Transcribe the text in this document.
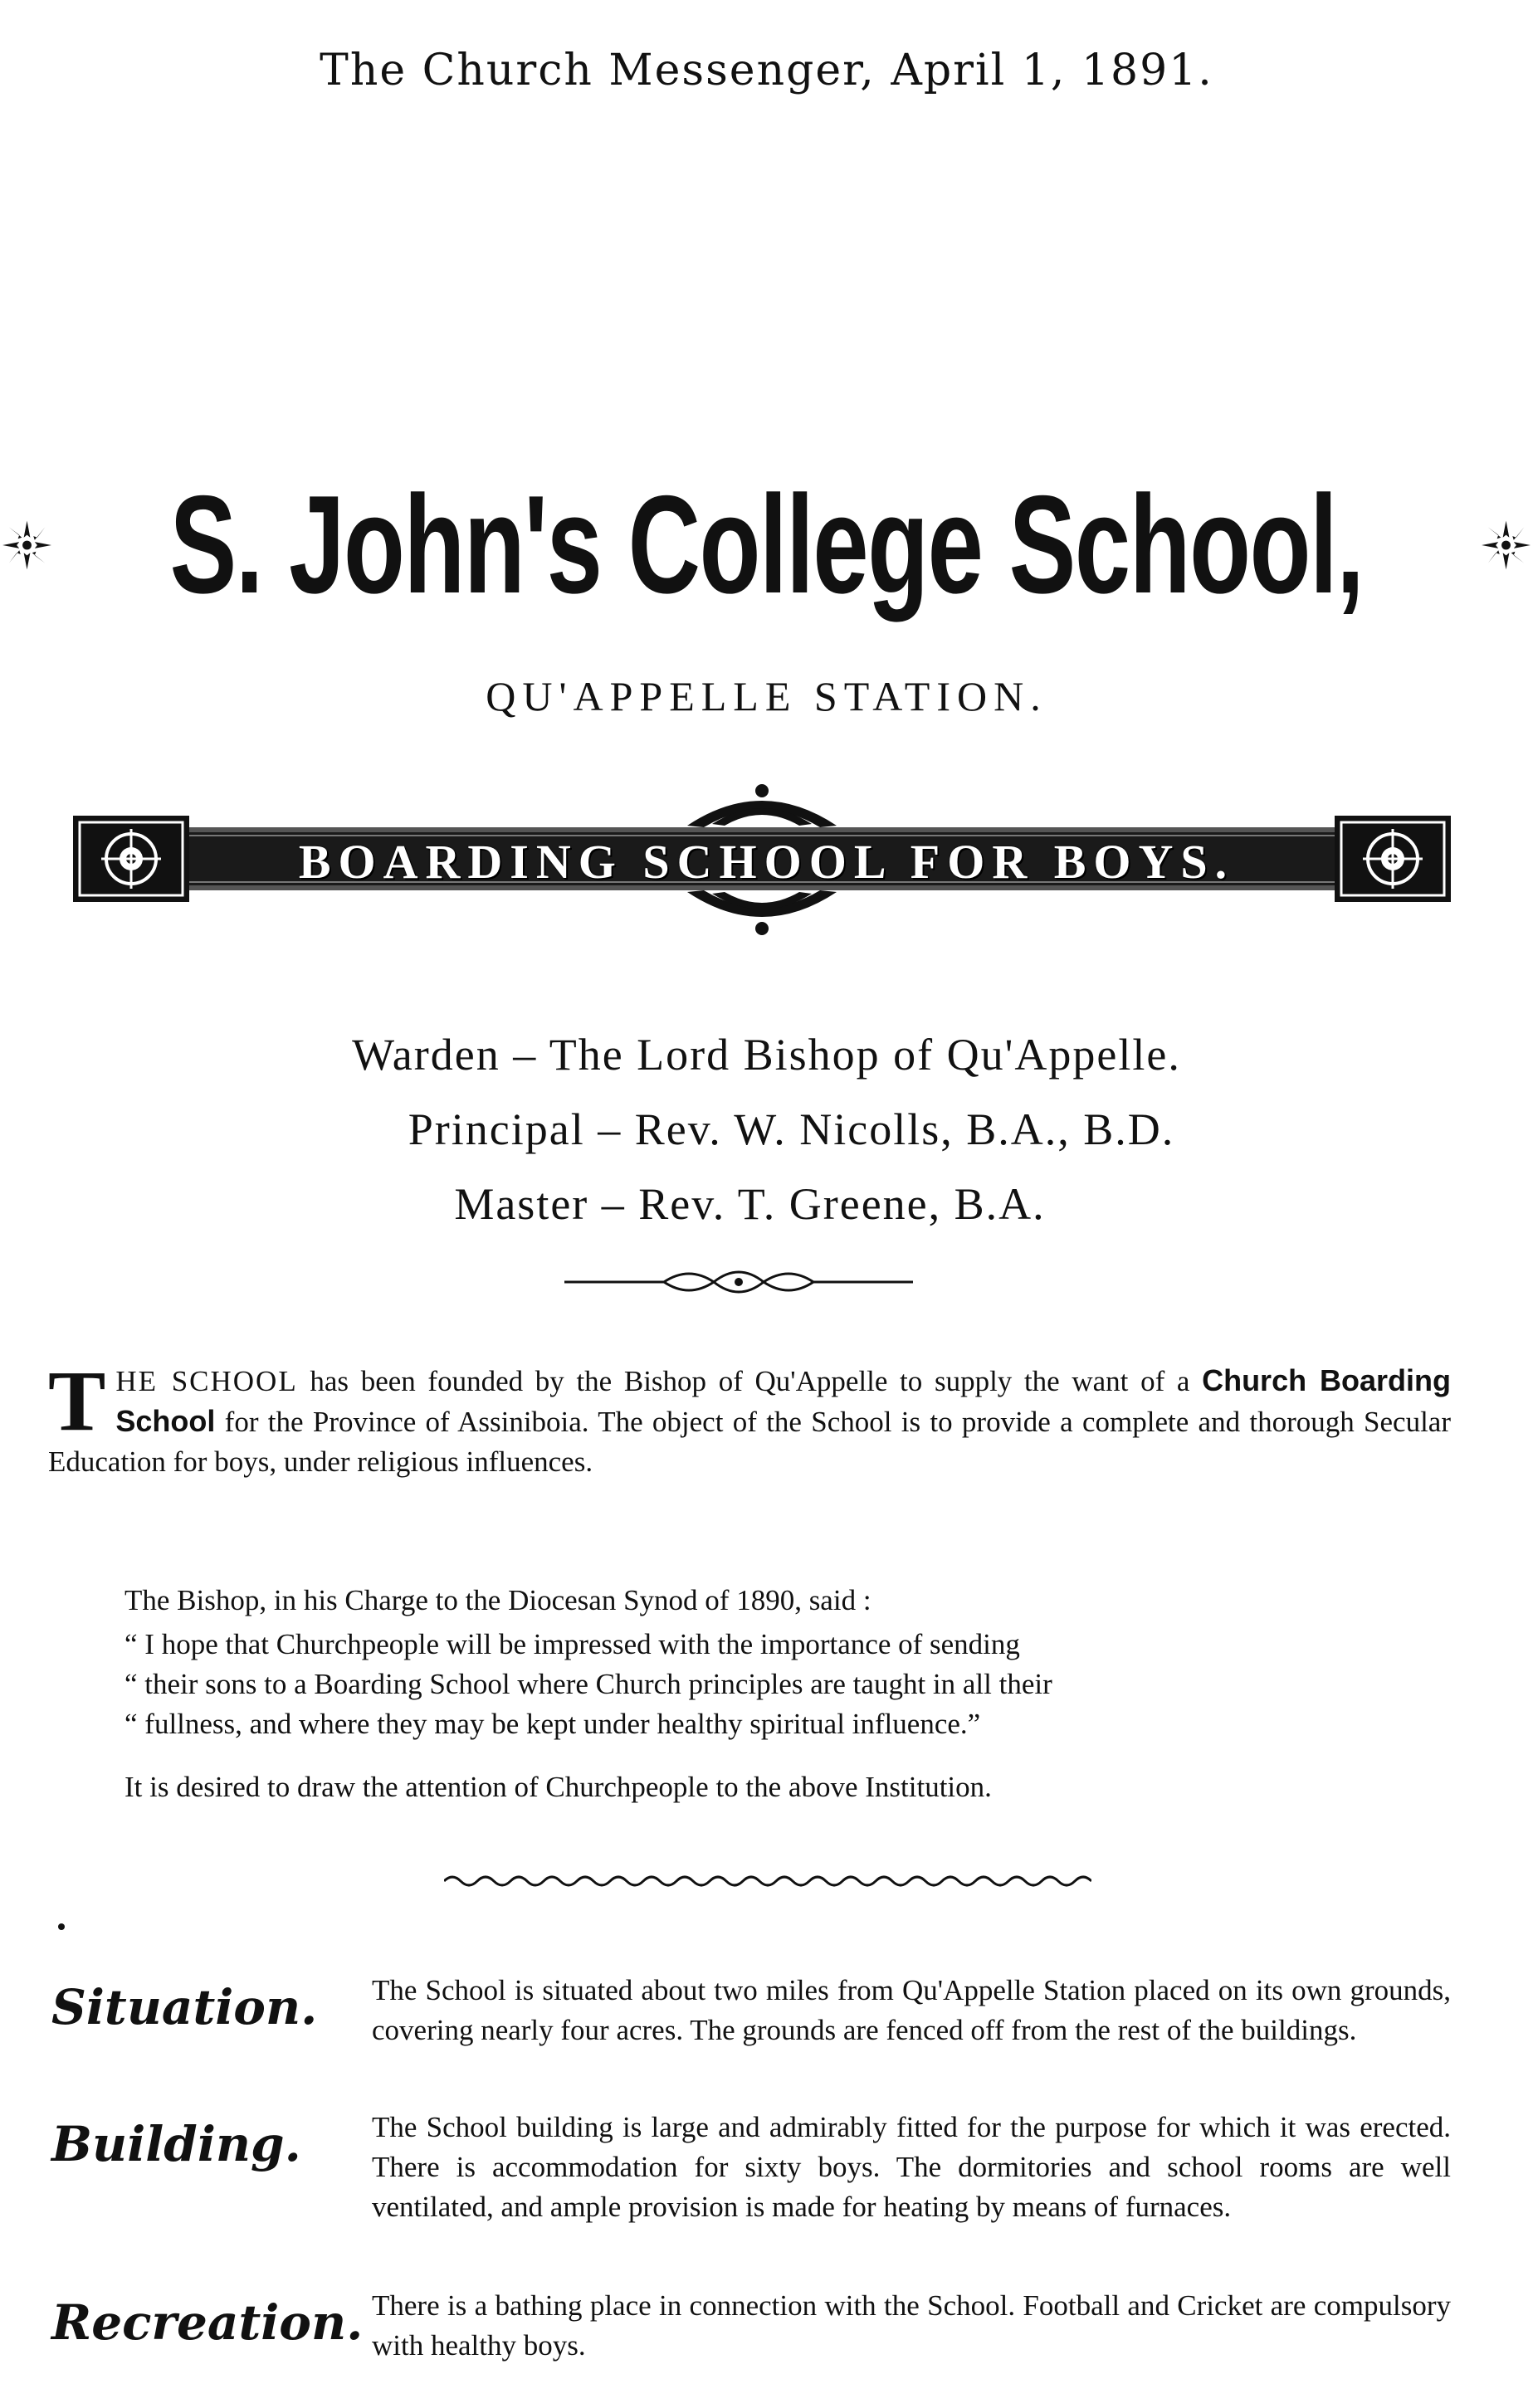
The Church Messenger, April 1, 1891.
S. John's College School,
QU'APPELLE STATION.
BOARDING SCHOOL FOR BOYS.
Warden – The Lord Bishop of Qu'Appelle.
Principal – Rev. W. Nicolls, B.A., B.D.
Master – Rev. T. Greene, B.A.
THE SCHOOL has been founded by the Bishop of Qu'Appelle to supply the want of a Church Boarding School for the Province of Assiniboia. The object of the School is to provide a complete and thorough Secular Education for boys, under religious influences.
The Bishop, in his Charge to the Diocesan Synod of 1890, said :
“ I hope that Churchpeople will be impressed with the importance of sending
“ their sons to a Boarding School where Church principles are taught in all their
“ fullness, and where they may be kept under healthy spiritual influence.”
It is desired to draw the attention of Churchpeople to the above Institution.
Situation.	The School is situated about two miles from Qu'Appelle Station placed on its own grounds, covering nearly four acres. The grounds are fenced off from the rest of the buildings.
Building.	The School building is large and admirably fitted for the purpose for which it was erected. There is accommodation for sixty boys. The dormitories and school rooms are well ventilated, and ample provision is made for heating by means of furnaces.
Recreation. There is a bathing place in connection with the School. Football and Cricket are compulsory with healthy boys.
